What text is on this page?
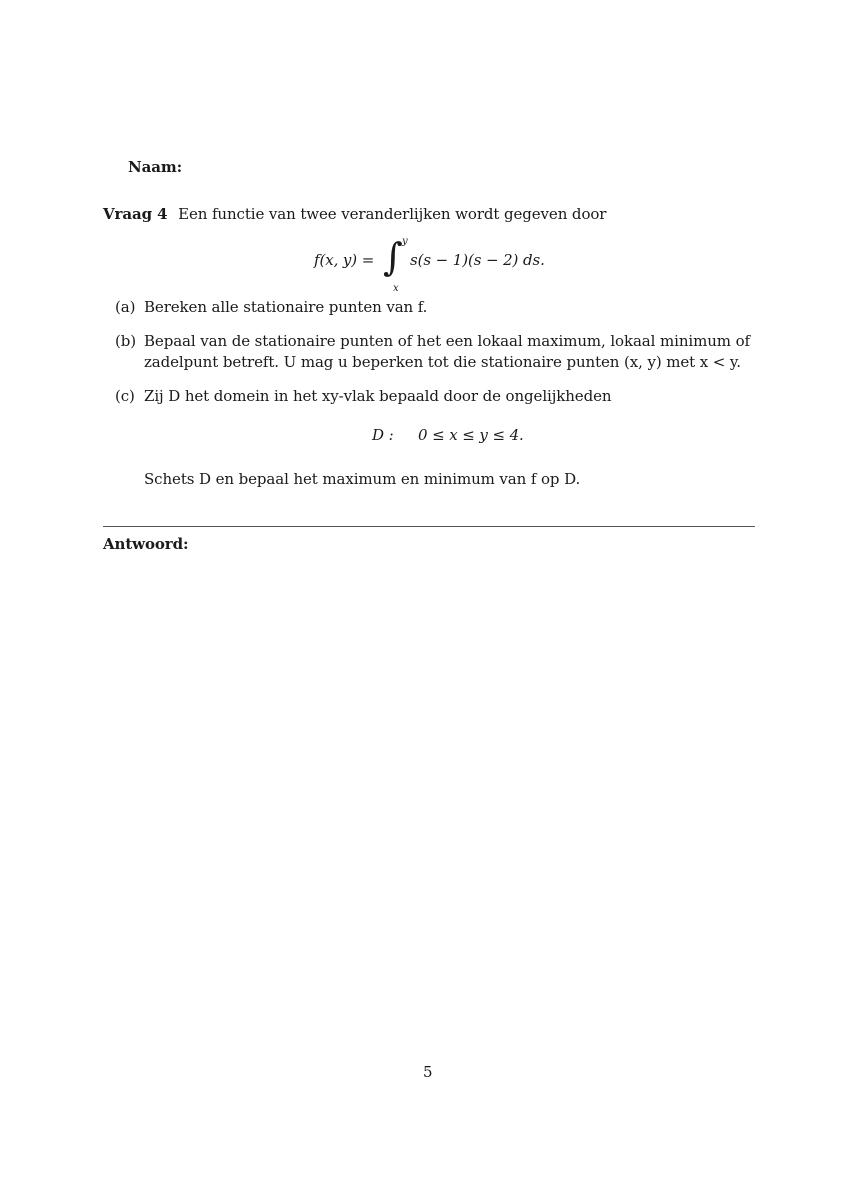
Naam:
Vraag 4 Een functie van twee veranderlijken wordt gegeven door
f(x, y) = ∫ y
x
s(s − 1)(s − 2) ds.
(a) Bereken alle stationaire punten van f.
(b) Bepaal van de stationaire punten of het een lokaal maximum, lokaal minimum of
zadelpunt betreft. U mag u beperken tot die stationaire punten (x, y) met x < y.
(c) Zij D het domein in het xy-vlak bepaald door de ongelijkheden
D : 0 ≤ x ≤ y ≤ 4.
Schets D en bepaal het maximum en minimum van f op D.
Antwoord:
5
